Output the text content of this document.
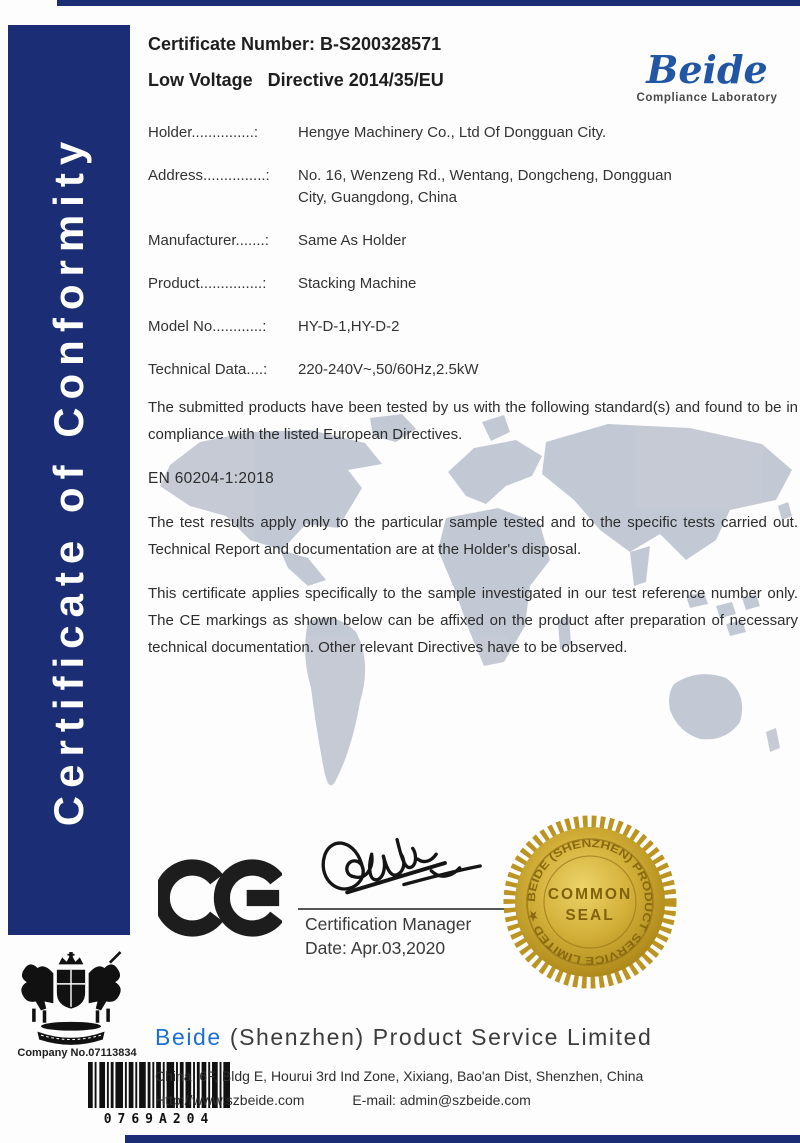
Certificate of Conformity
Certificate Number: B-S200328571
Low Voltage   Directive 2014/35/EU	Beide
Compliance Laboratory
Holder...............:	Hengye Machinery Co., Ltd Of Dongguan City.
Address...............:	No. 16, Wenzeng Rd., Wentang, Dongcheng, Dongguan City, Guangdong, China
Manufacturer.......:	Same As Holder
Product...............:	Stacking Machine
Model No............:	HY-D-1,HY-D-2
Technical Data....:	220-240V~,50/60Hz,2.5kW

The submitted products have been tested by us with the following standard(s) and found to be in compliance with the listed European Directives.

EN 60204-1:2018

The test results apply only to the particular sample tested and to the specific tests carried out. Technical Report and documentation are at the Holder's disposal.

This certificate applies specifically to the sample investigated in our test reference number only. The CE markings as shown below can be affixed on the product after preparation of necessary technical documentation. Other relevant Directives have to be observed.

Certification Manager
Date: Apr.03,2020
BEIDE (SHENZHEN) PRODUCT SERVICE LIMITED ★
COMMON
SEAL
Company No.07113834
0769A204
Beide (Shenzhen) Product Service Limited
China: 6F, Bldg E, Hourui 3rd Ind Zone, Xixiang, Bao'an Dist, Shenzhen, China
Http://www.szbeide.com	E-mail: admin@szbeide.com
